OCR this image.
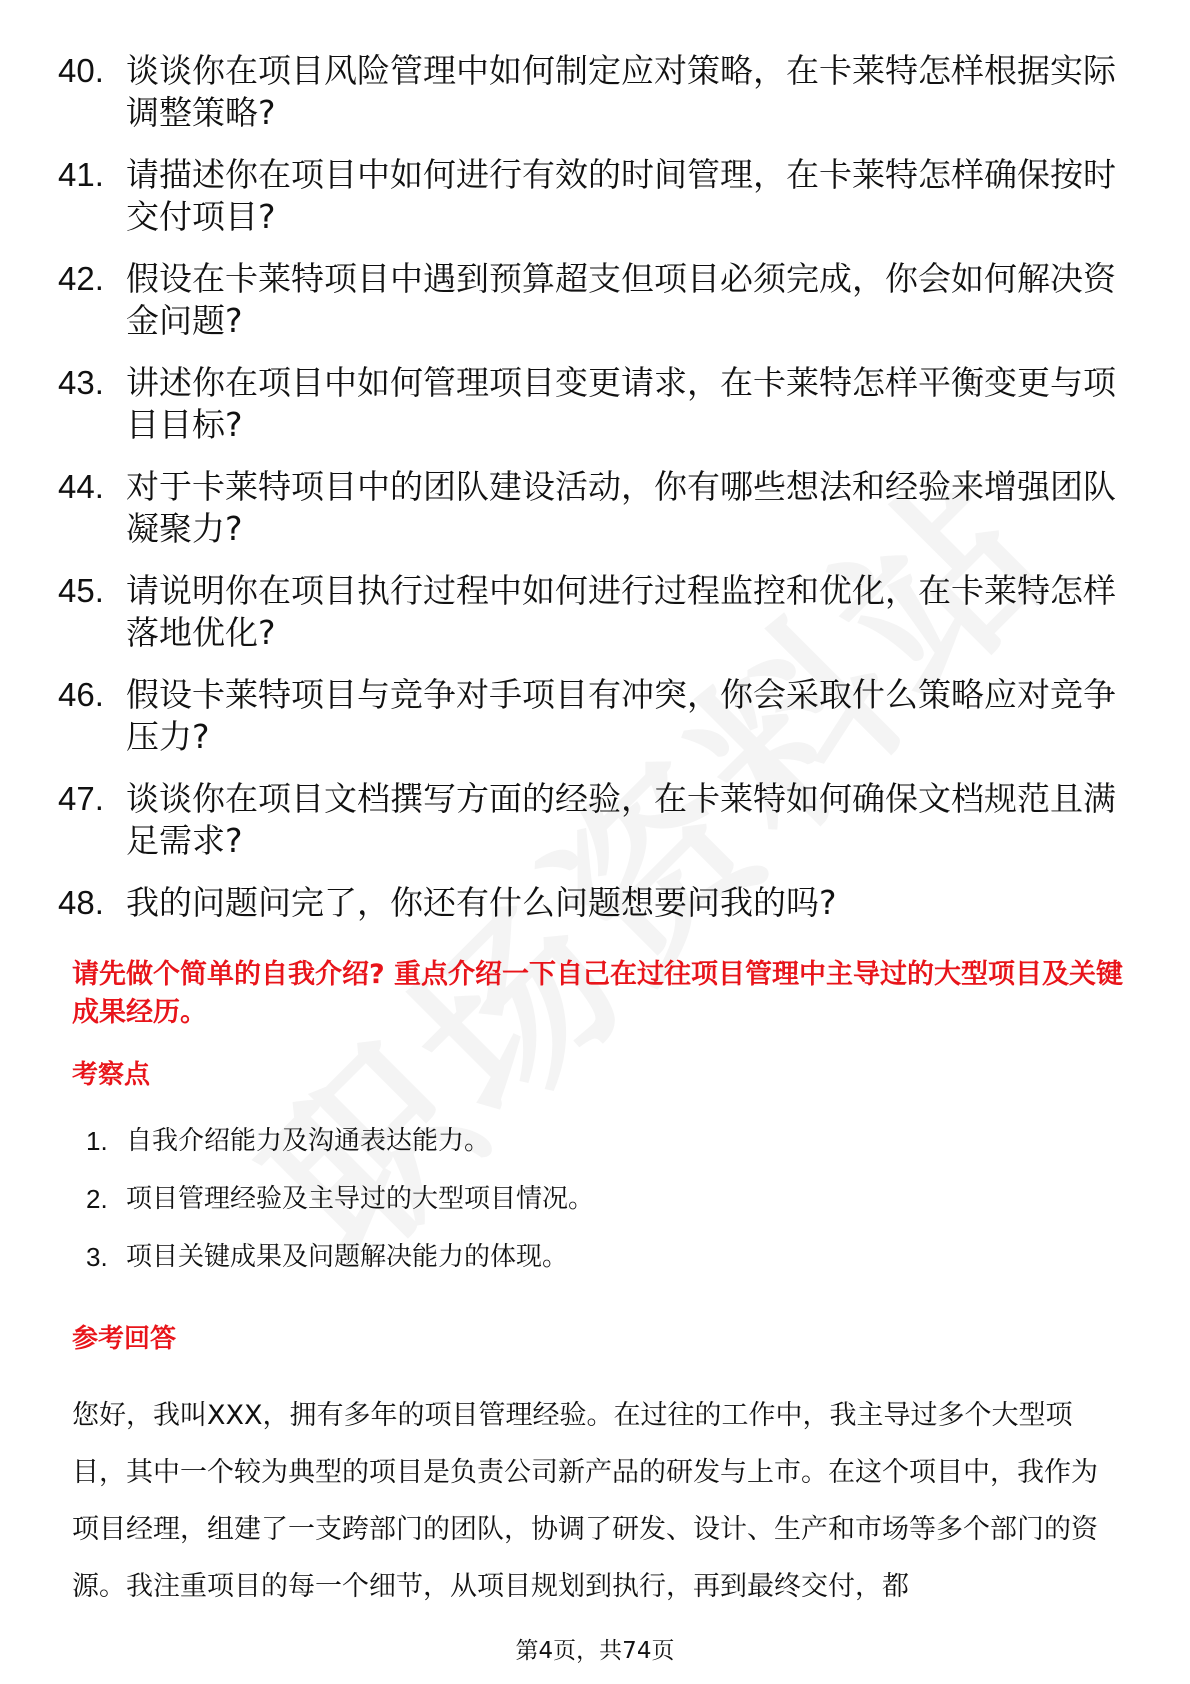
40. 谈谈你在项目风险管理中如何制定应对策略，在卡莱特怎样根据实际调整策略?
41. 请描述你在项目中如何进行有效的时间管理，在卡莱特怎样确保按时交付项目?
42. 假设在卡莱特项目中遇到预算超支但项目必须完成，你会如何解决资金问题?
43. 讲述你在项目中如何管理项目变更请求，在卡莱特怎样平衡变更与项目目标?
44. 对于卡莱特项目中的团队建设活动，你有哪些想法和经验来增强团队凝聚力?
45. 请说明你在项目执行过程中如何进行过程监控和优化，在卡莱特怎样落地优化?
46. 假设卡莱特项目与竞争对手项目有冲突，你会采取什么策略应对竞争压力?
47. 谈谈你在项目文档撰写方面的经验，在卡莱特如何确保文档规范且满足需求?
48. 我的问题问完了，你还有什么问题想要问我的吗?
请先做个简单的自我介绍? 重点介绍一下自己在过往项目管理中主导过的大型项目及关键成果经历。
考察点
1. 自我介绍能力及沟通表达能力。
2. 项目管理经验及主导过的大型项目情况。
3. 项目关键成果及问题解决能力的体现。
参考回答

您好，我叫XXX，拥有多年的项目管理经验。在过往的工作中，我主导过多个大型项目，其中一个较为典型的项目是负责公司新产品的研发与上市。在这个项目中，我作为项目经理，组建了一支跨部门的团队，协调了研发、设计、生产和市场等多个部门的资源。我注重项目的每一个细节，从项目规划到执行，再到最终交付，都

第4页，共74页
